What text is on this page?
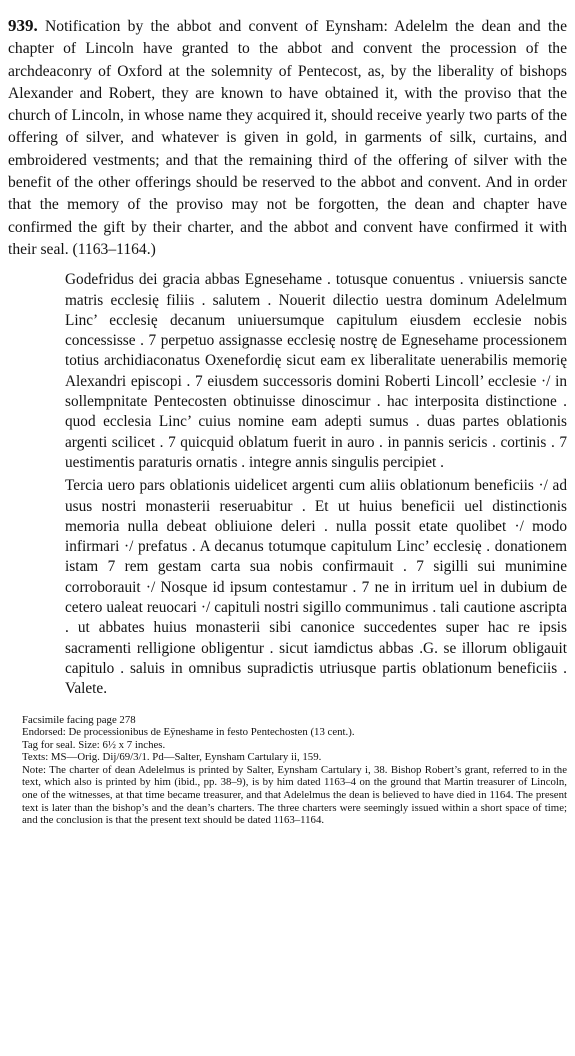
939. Notification by the abbot and convent of Eynsham: Adelelm the dean and the chapter of Lincoln have granted to the abbot and convent the procession of the archdeaconry of Oxford at the solemnity of Pentecost, as, by the liberality of bishops Alexander and Robert, they are known to have obtained it, with the proviso that the church of Lincoln, in whose name they acquired it, should receive yearly two parts of the offering of silver, and whatever is given in gold, in garments of silk, curtains, and embroidered vestments; and that the remaining third of the offering of silver with the benefit of the other offerings should be reserved to the abbot and convent. And in order that the memory of the proviso may not be forgotten, the dean and chapter have confirmed the gift by their charter, and the abbot and convent have confirmed it with their seal. (1163–1164.)

Godefridus dei gracia abbas Egnesehame . totusque conuentus . vniuersis sancte matris ecclesię filiis . salutem . Nouerit dilectio uestra dominum Adelelmum Linc’ ecclesię decanum uniuersumque capitulum eiusdem ecclesie nobis concessisse . 7 perpetuo assignasse ecclesię nostrę de Egnesehame processionem totius archidiaconatus Oxenefordię sicut eam ex liberalitate uenerabilis memorię Alexandri episcopi . 7 eiusdem successoris domini Roberti Lincoll’ ecclesie ·/ in sollempnitate Pentecosten obtinuisse dinoscimur . hac interposita distinctione . quod ecclesia Linc’ cuius nomine eam adepti sumus . duas partes oblationis argenti scilicet . 7 quicquid oblatum fuerit in auro . in pannis sericis . cortinis . 7 uestimentis paraturis ornatis . integre annis singulis percipiet .

Tercia uero pars oblationis uidelicet argenti cum aliis oblationum beneficiis ·/ ad usus nostri monasterii reseruabitur . Et ut huius beneficii uel distinctionis memoria nulla debeat obliuione deleri . nulla possit etate quolibet ·/ modo infirmari ·/ prefatus . A decanus totumque capitulum Linc’ ecclesię . donationem istam 7 rem gestam carta sua nobis confirmauit . 7 sigilli sui munimine corroborauit ·/ Nosque id ipsum contestamur . 7 ne in irritum uel in dubium de cetero ualeat reuocari ·/ capituli nostri sigillo communimus . tali cautione ascripta . ut abbates huius monasterii sibi canonice succedentes super hac re ipsis sacramenti relligione obligentur . sicut iamdictus abbas .G. se illorum obligauit capitulo . saluis in omnibus supradictis utriusque partis oblationum beneficiis . Valete.

Facsimile facing page 278

Endorsed: De processionibus de Eÿneshame in festo Pentechosten (13 cent.).

Tag for seal. Size: 6½ x 7 inches.

Texts: MS—Orig. Dij/69/3/1. Pd—Salter, Eynsham Cartulary ii, 159.

Note: The charter of dean Adelelmus is printed by Salter, Eynsham Cartulary i, 38. Bishop Robert’s grant, referred to in the text, which also is printed by him (ibid., pp. 38–9), is by him dated 1163–4 on the ground that Martin treasurer of Lincoln, one of the witnesses, at that time became treasurer, and that Adelelmus the dean is believed to have died in 1164. The present text is later than the bishop’s and the dean’s charters. The three charters were seemingly issued within a short space of time; and the conclusion is that the present text should be dated 1163–1164.
